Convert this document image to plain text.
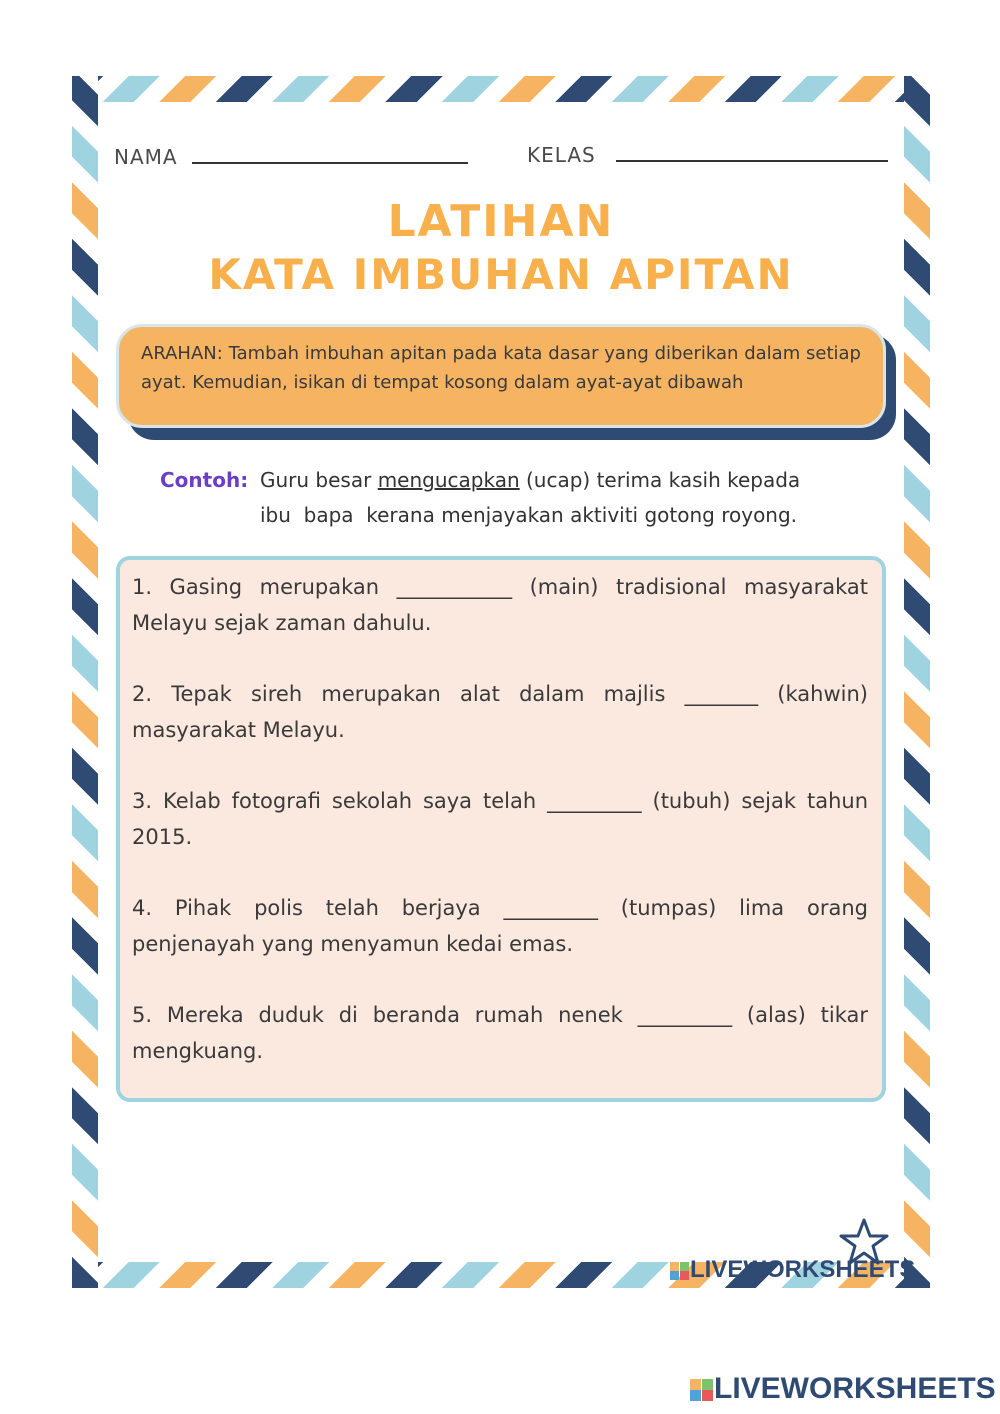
NAMA	KELAS
LATIHAN
KATA IMBUHAN APITAN
ARAHAN: Tambah imbuhan apitan pada kata dasar yang diberikan dalam setiap ayat. Kemudian, isikan di tempat kosong dalam ayat-ayat dibawah
Contoh: Guru besar mengucapkan (ucap) terima kasih kepada
ibu  bapa  kerana menjayakan aktiviti gotong royong.
1. Gasing merupakan ___________ (main) tradisional masyarakat Melayu sejak zaman dahulu.
2. Tepak sireh merupakan alat dalam majlis _______ (kahwin) masyarakat Melayu.
3. Kelab fotografi sekolah saya telah _________ (tubuh) sejak tahun 2015.
4. Pihak polis telah berjaya _________ (tumpas) lima orang penjenayah yang menyamun kedai emas.
5. Mereka duduk di beranda rumah nenek _________ (alas) tikar mengkuang.

LIVEWORKSHEETS

LIVEWORKSHEETS
